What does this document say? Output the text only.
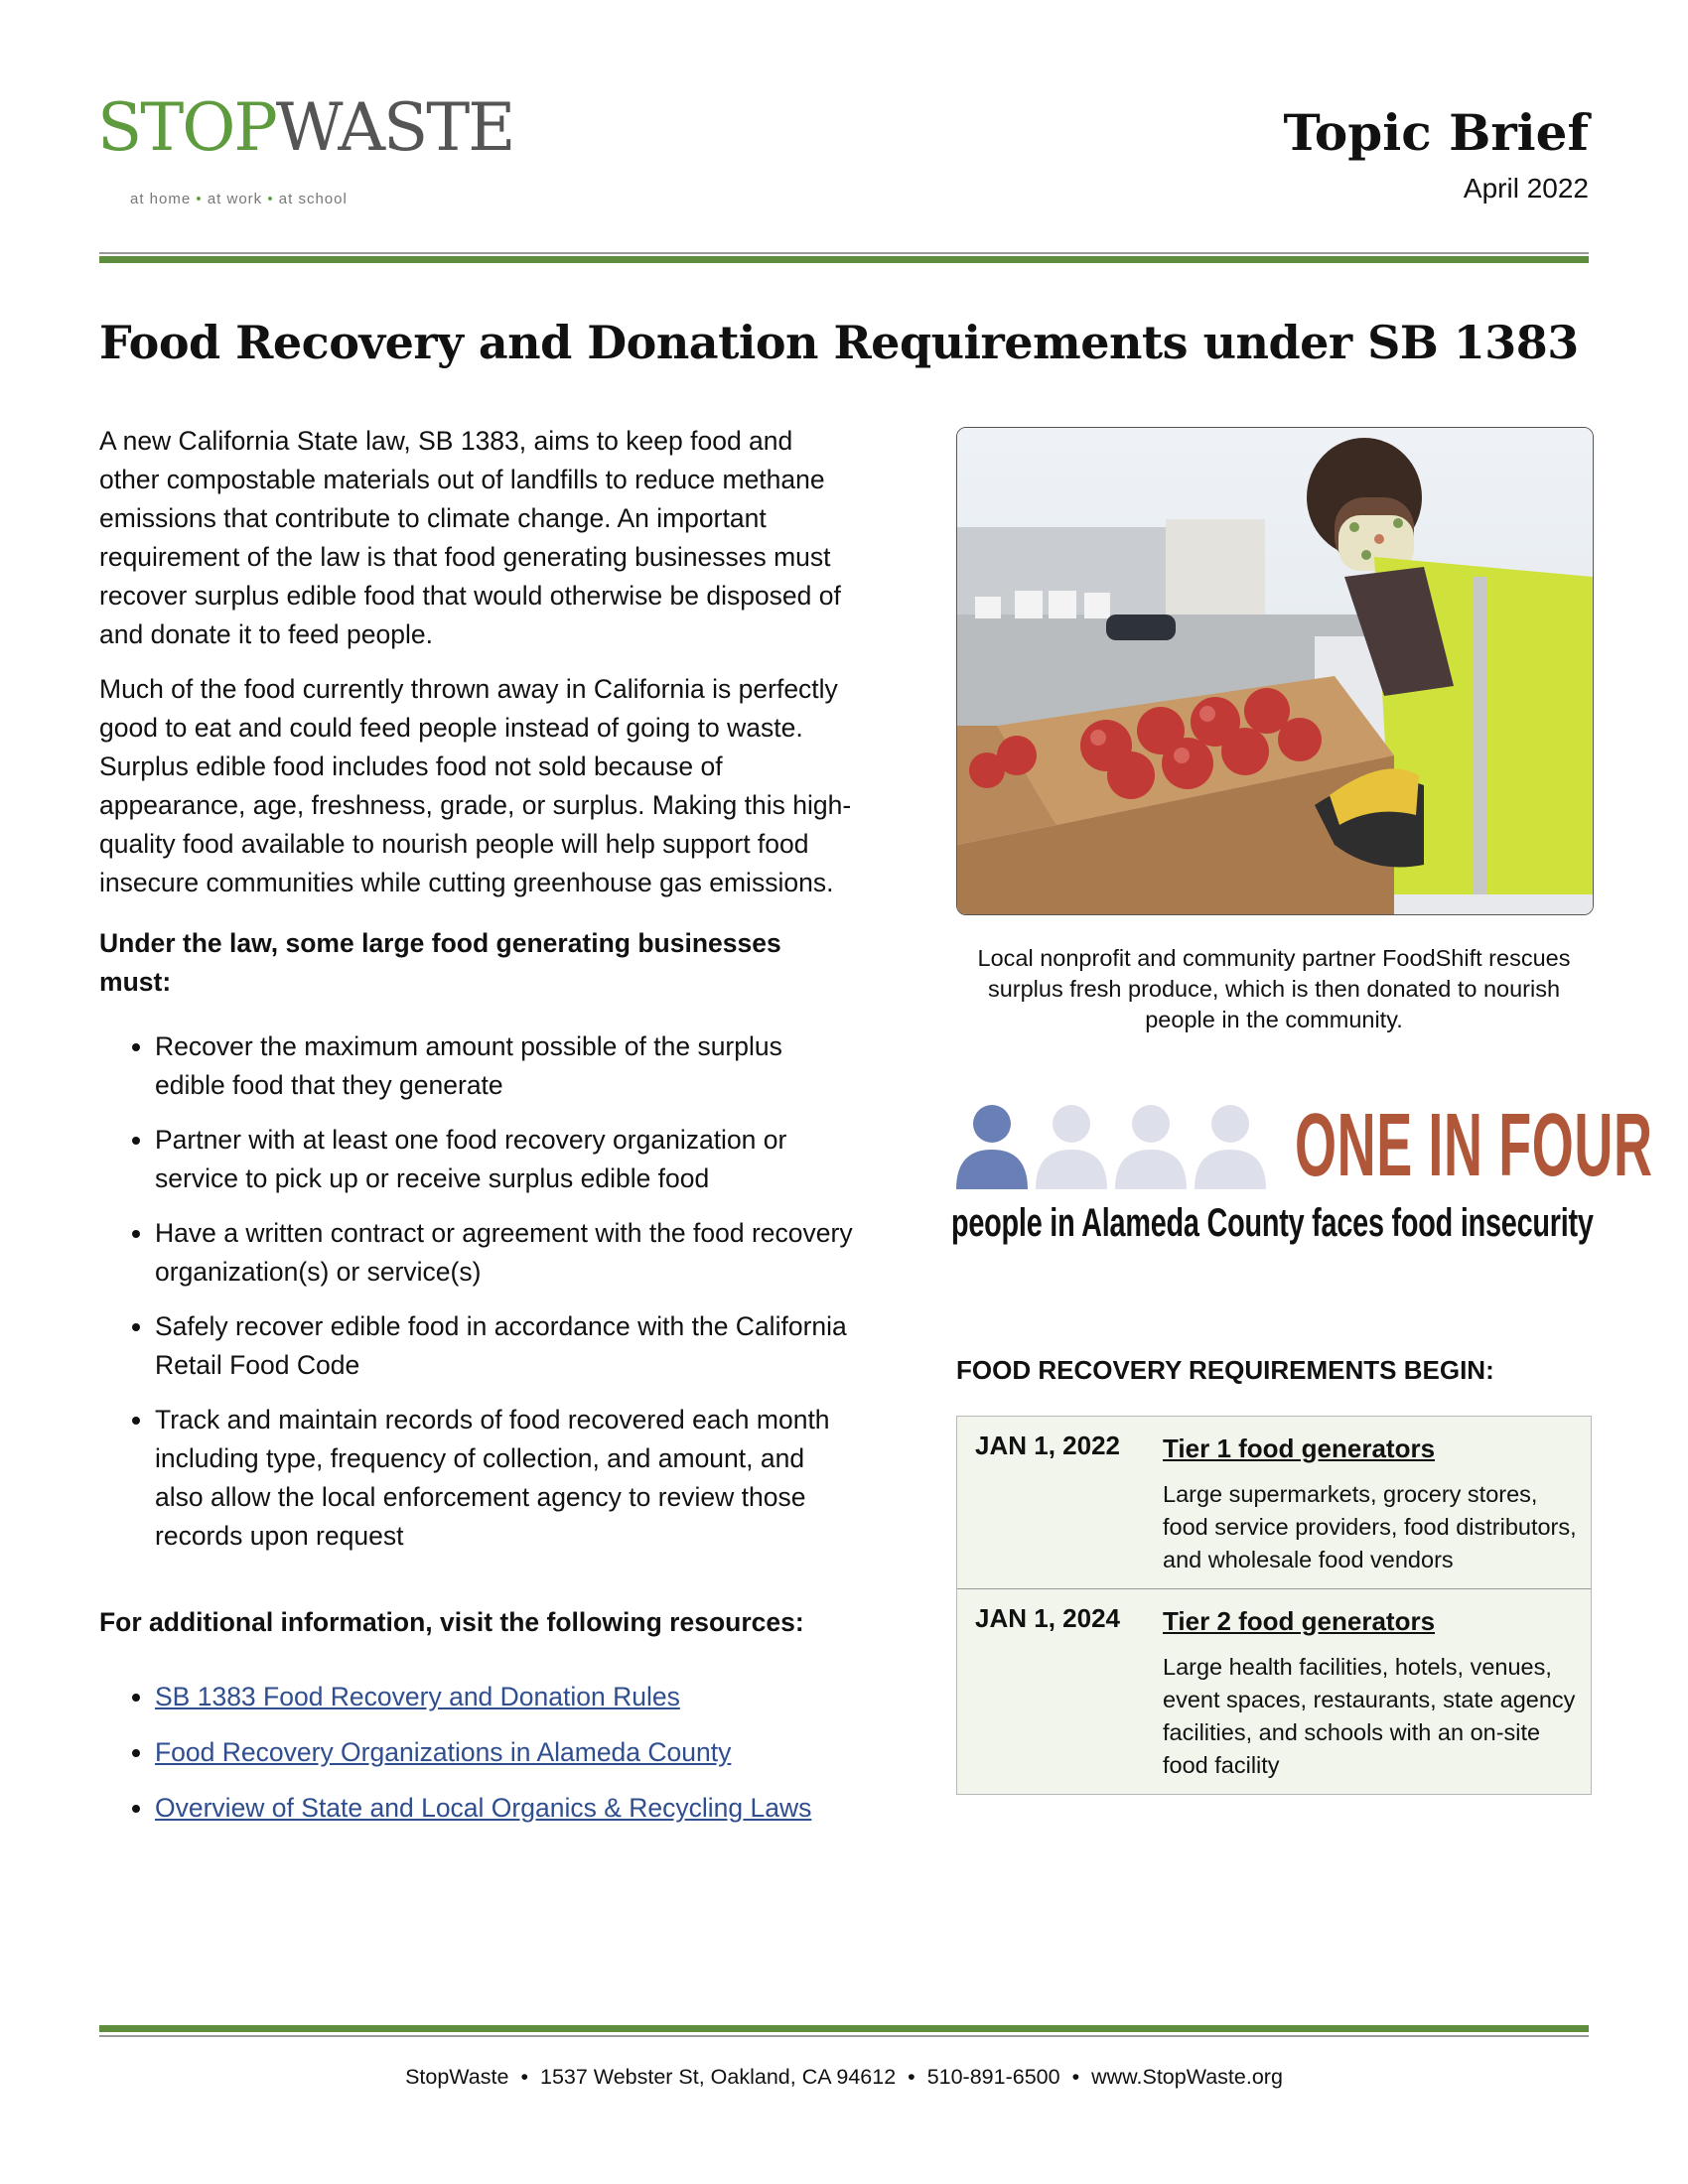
STOPWASTE
at home • at work • at school
Topic Brief
April 2022
Food Recovery and Donation Requirements under SB 1383

A new California State law, SB 1383, aims to keep food and other compostable materials out of landfills to reduce methane emissions that contribute to climate change. An important requirement of the law is that food generating businesses must recover surplus edible food that would otherwise be disposed of and donate it to feed people.

Much of the food currently thrown away in California is perfectly good to eat and could feed people instead of going to waste. Surplus edible food includes food not sold because of appearance, age, freshness, grade, or surplus. Making this high-quality food available to nourish people will help support food insecure communities while cutting greenhouse gas emissions.

Under the law, some large food generating businesses must:

• Recover the maximum amount possible of the surplus edible food that they generate
• Partner with at least one food recovery organization or service to pick up or receive surplus edible food
• Have a written contract or agreement with the food recovery organization(s) or service(s)
• Safely recover edible food in accordance with the California Retail Food Code
• Track and maintain records of food recovered each month including type, frequency of collection, and amount, and also allow the local enforcement agency to review those records upon request

For additional information, visit the following resources:

• SB 1383 Food Recovery and Donation Rules
• Food Recovery Organizations in Alameda County
• Overview of State and Local Organics & Recycling Laws
Local nonprofit and community partner FoodShift rescues surplus fresh produce, which is then donated to nourish people in the community.
ONE IN FOUR
people in Alameda County faces food insecurity
FOOD RECOVERY REQUIREMENTS BEGIN:
JAN 1, 2022 Tier 1 food generators
Large supermarkets, grocery stores, food service providers, food distributors, and wholesale food vendors
JAN 1, 2024 Tier 2 food generators
Large health facilities, hotels, venues, event spaces, restaurants, state agency facilities, and schools with an on-site food facility
StopWaste • 1537 Webster St, Oakland, CA 94612 • 510-891-6500 • www.StopWaste.org
